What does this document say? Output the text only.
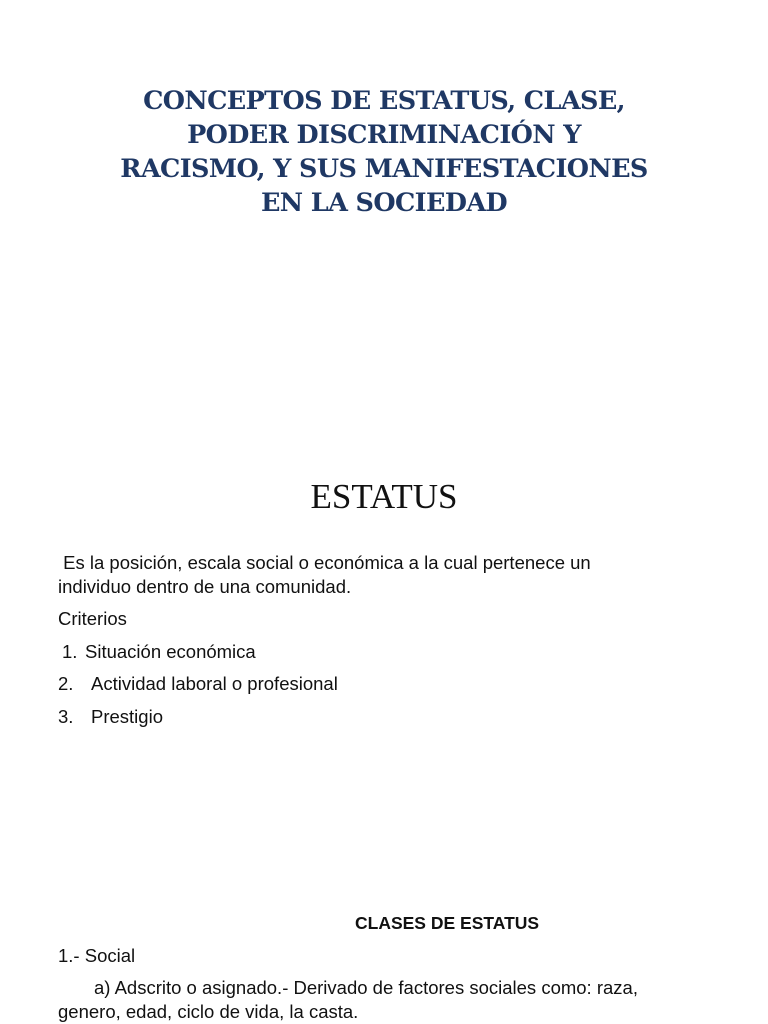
CONCEPTOS DE ESTATUS, CLASE,
PODER DISCRIMINACIÓN Y
RACISMO, Y SUS MANIFESTACIONES
EN LA SOCIEDAD
ESTATUS

Es la posición, escala social o económica a la cual pertenece un
individuo dentro de una comunidad.

Criterios

1. Situación económica

2. Actividad laboral o profesional

3. Prestigio

CLASES DE ESTATUS

1.- Social

a) Adscrito o asignado.- Derivado de factores sociales como: raza,
genero, edad, ciclo de vida, la casta.
